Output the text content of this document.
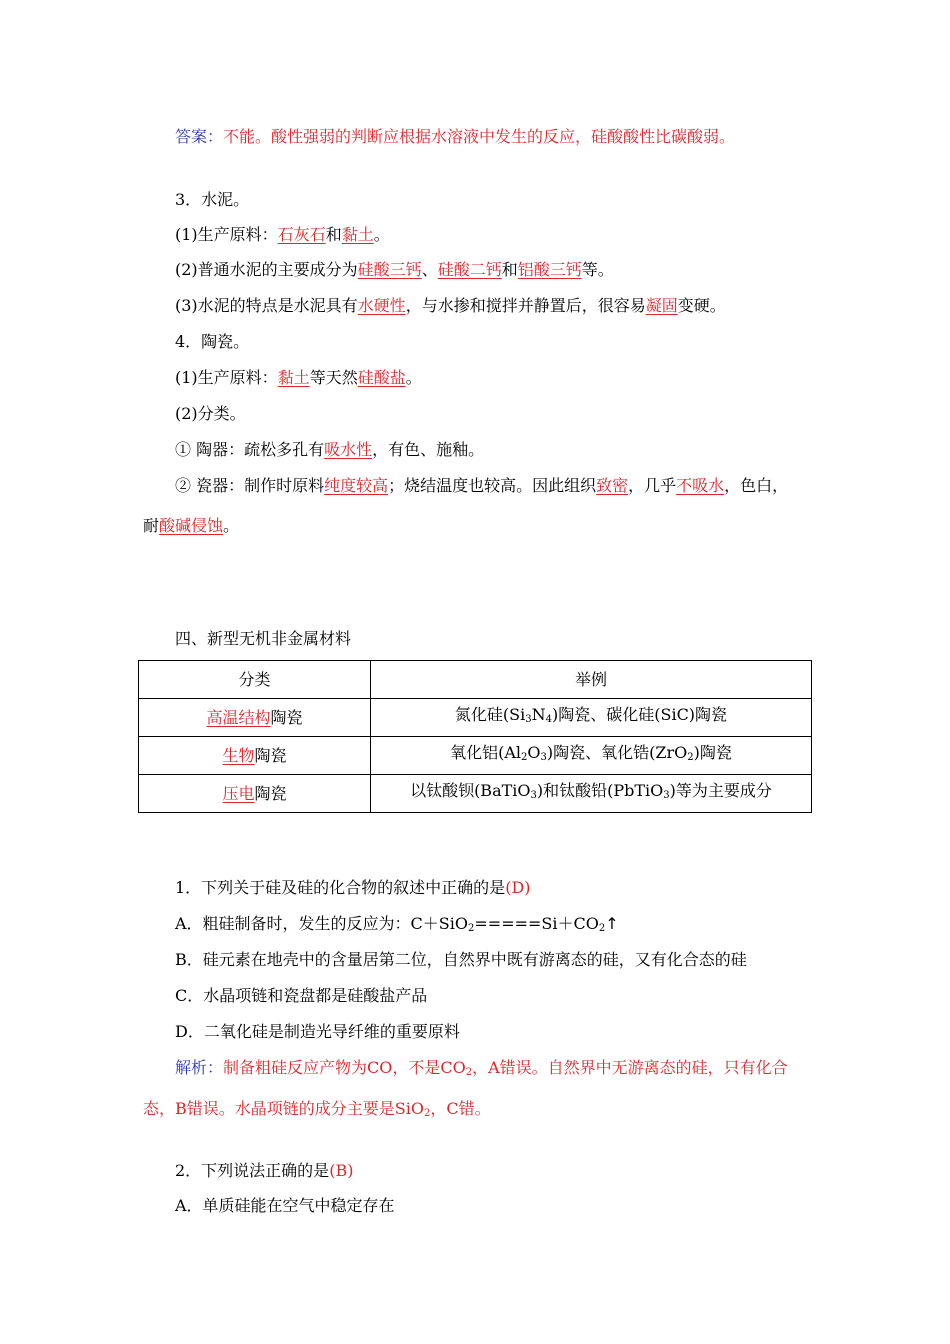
答案：不能。酸性强弱的判断应根据水溶液中发生的反应，硅酸酸性比碳酸弱。
3．水泥。
(1)生产原料：石灰石和黏土。
(2)普通水泥的主要成分为硅酸三钙、硅酸二钙和铝酸三钙等。
(3)水泥的特点是水泥具有水硬性，与水掺和搅拌并静置后，很容易凝固变硬。
4．陶瓷。
(1)生产原料：黏土等天然硅酸盐。
(2)分类。
① 陶器：疏松多孔有吸水性，有色、施釉。
② 瓷器：制作时原料纯度较高；烧结温度也较高。因此组织致密，几乎不吸水，色白，
耐酸碱侵蚀。
四、新型无机非金属材料
分类	举例
高温结构陶瓷	氮化硅$(Si_3N_4)$陶瓷、碳化硅(SiC)陶瓷
生物陶瓷	氧化铝$(Al_2O_3)$陶瓷、氧化锆(ZrO$_2$)陶瓷
压电陶瓷	以钛酸钡(BaTiO$_3$)和钛酸铅(PbTiO$_3$)等为主要成分
1．下列关于硅及硅的化合物的叙述中正确的是(D)
A．粗硅制备时，发生的反应为：$C+SiO_2=====Si+CO_2↑$
B．硅元素在地壳中的含量居第二位，自然界中既有游离态的硅，又有化合态的硅
C．水晶项链和瓷盘都是硅酸盐产品
D．二氧化硅是制造光导纤维的重要原料
解析：制备粗硅反应产物为CO，不是$CO_2$，A错误。自然界中无游离态的硅，只有化合
态，B错误。水晶项链的成分主要是SiO$_2$，C错。
2．下列说法正确的是(B)
A．单质硅能在空气中稳定存在
